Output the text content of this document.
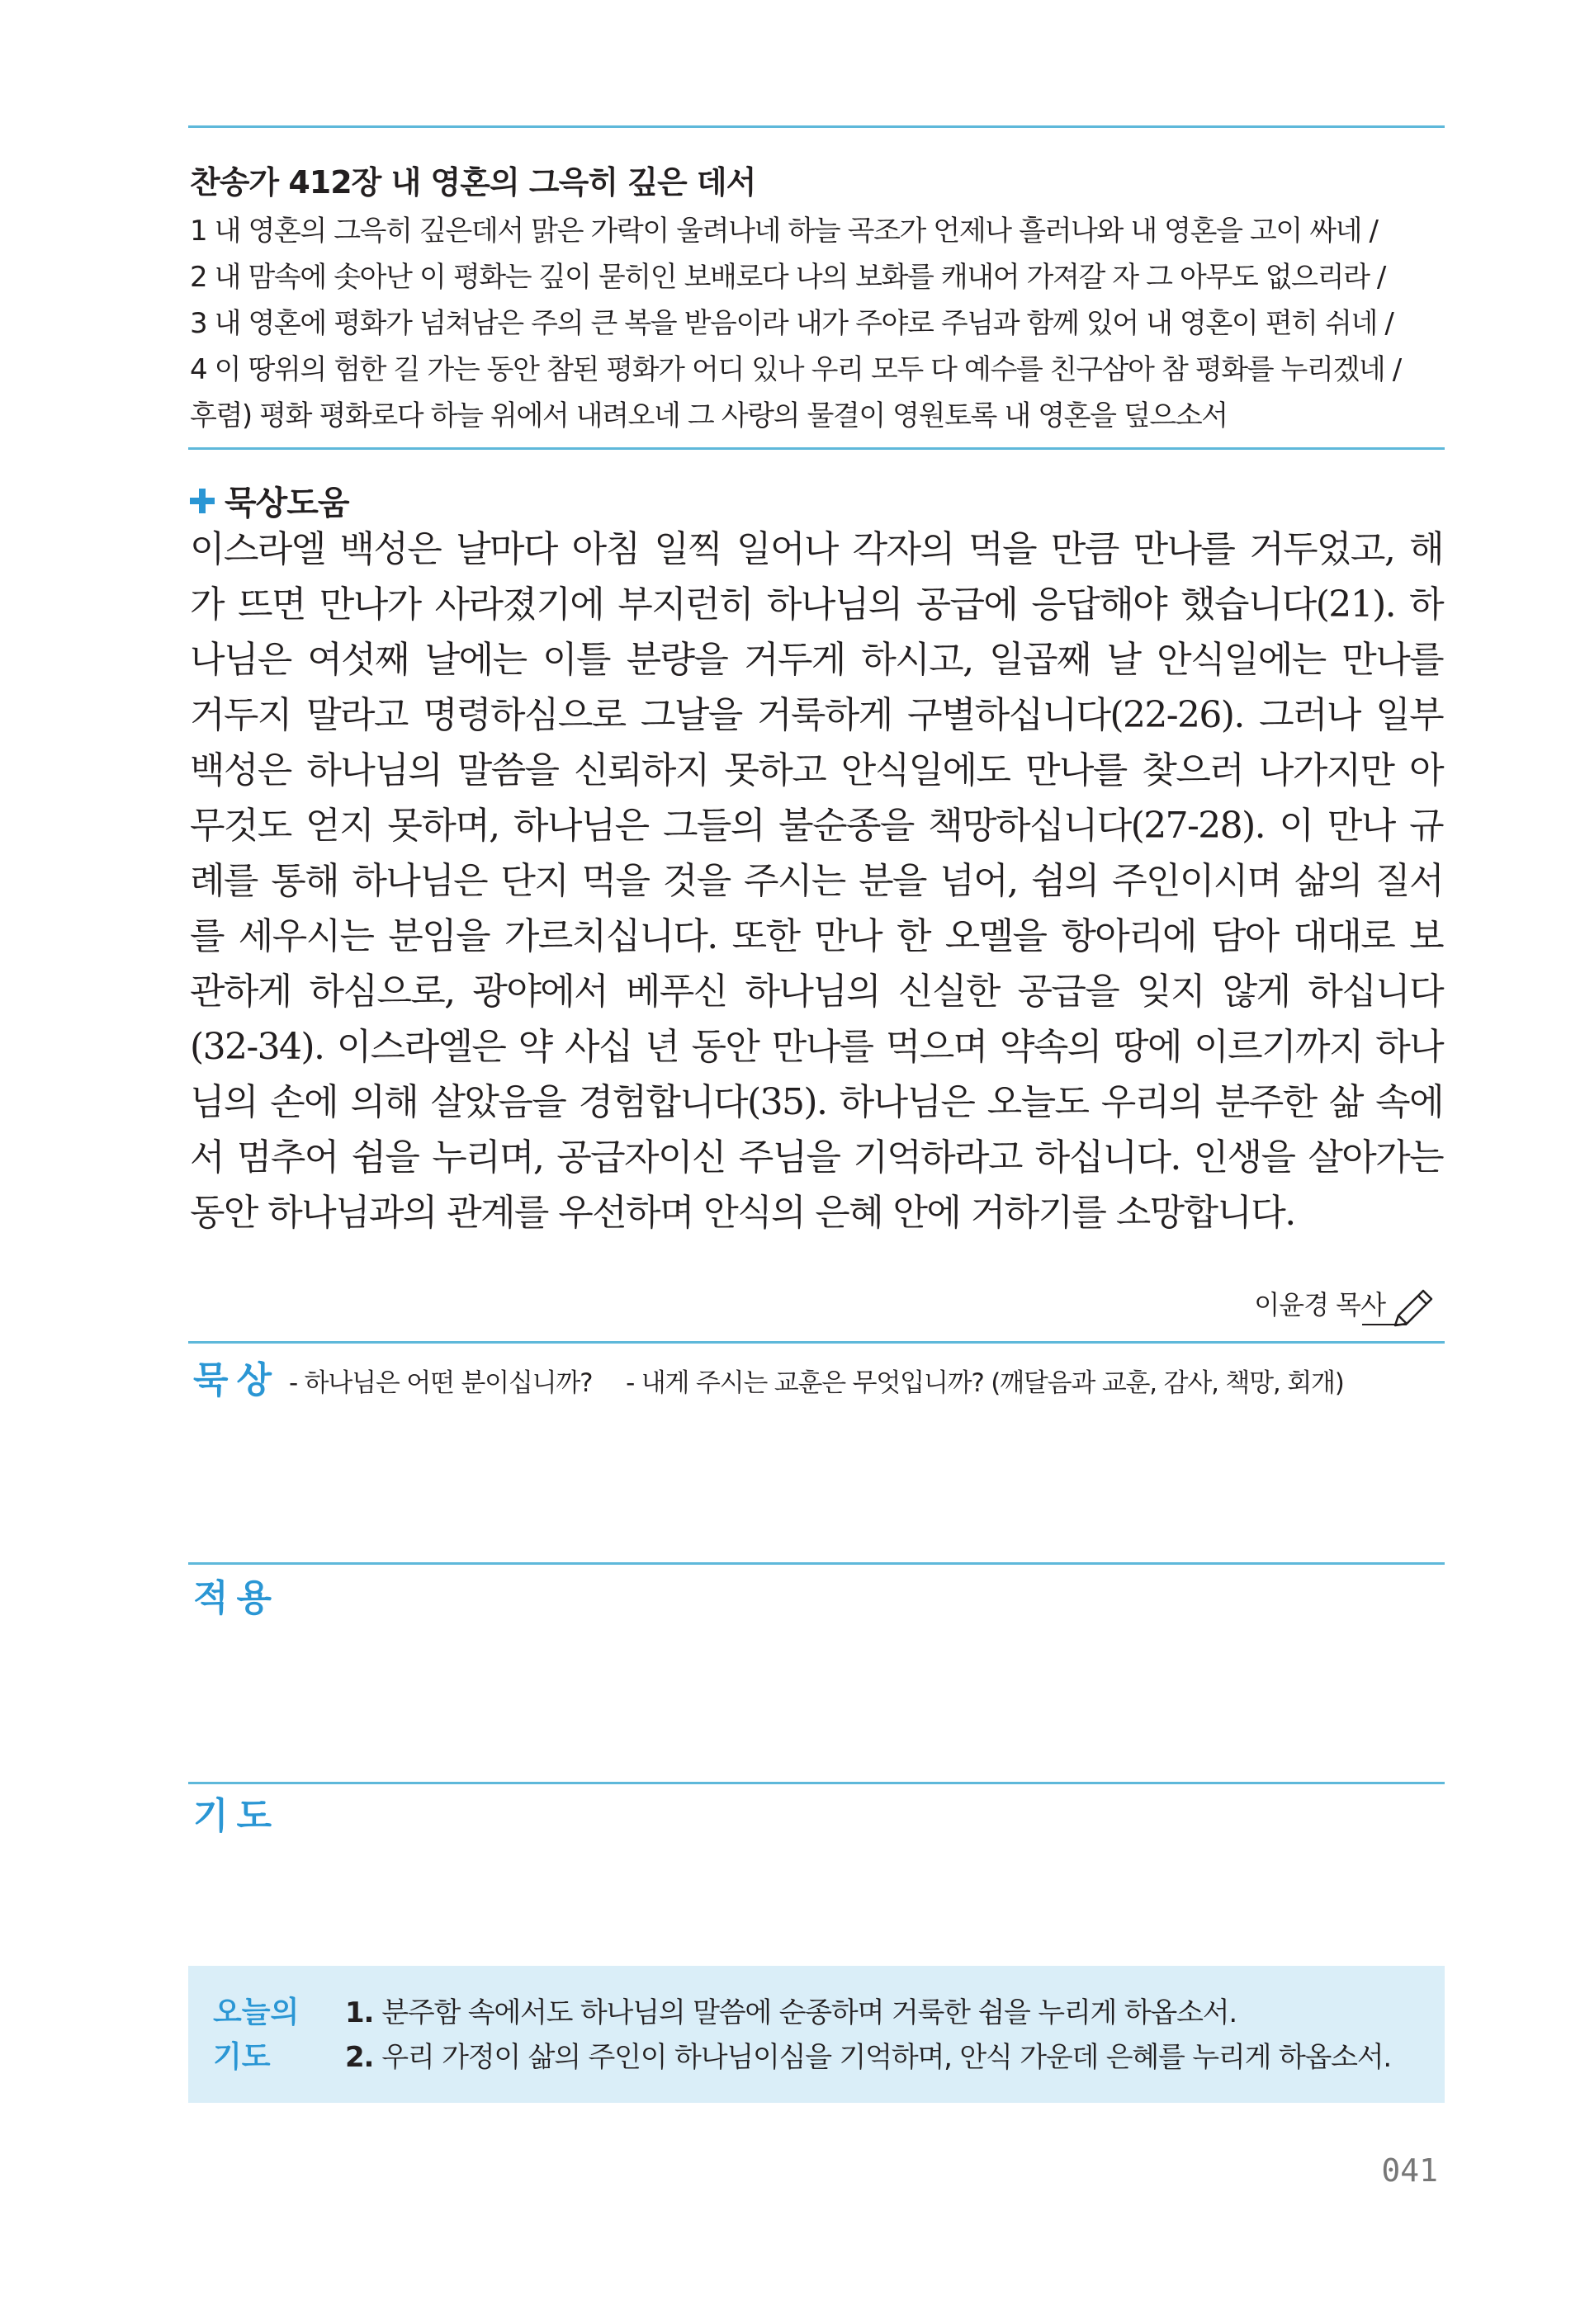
찬송가 412장 내 영혼의 그윽히 깊은 데서
1 내 영혼의 그윽히 깊은데서 맑은 가락이 울려나네 하늘 곡조가 언제나 흘러나와 내 영혼을 고이 싸네 /
2 내 맘속에 솟아난 이 평화는 깊이 묻히인 보배로다 나의 보화를 캐내어 가져갈 자 그 아무도 없으리라 /
3 내 영혼에 평화가 넘쳐남은 주의 큰 복을 받음이라 내가 주야로 주님과 함께 있어 내 영혼이 편히 쉬네 /
4 이 땅위의 험한 길 가는 동안 참된 평화가 어디 있나 우리 모두 다 예수를 친구삼아 참 평화를 누리겠네 /
후렴) 평화 평화로다 하늘 위에서 내려오네 그 사랑의 물결이 영원토록 내 영혼을 덮으소서
묵상도움
이스라엘 백성은 날마다 아침 일찍 일어나 각자의 먹을 만큼 만나를 거두었고, 해
가 뜨면 만나가 사라졌기에 부지런히 하나님의 공급에 응답해야 했습니다(21). 하
나님은 여섯째 날에는 이틀 분량을 거두게 하시고, 일곱째 날 안식일에는 만나를
거두지 말라고 명령하심으로 그날을 거룩하게 구별하십니다(22-26). 그러나 일부
백성은 하나님의 말씀을 신뢰하지 못하고 안식일에도 만나를 찾으러 나가지만 아
무것도 얻지 못하며, 하나님은 그들의 불순종을 책망하십니다(27-28). 이 만나 규
례를 통해 하나님은 단지 먹을 것을 주시는 분을 넘어, 쉼의 주인이시며 삶의 질서
를 세우시는 분임을 가르치십니다. 또한 만나 한 오멜을 항아리에 담아 대대로 보
관하게 하심으로, 광야에서 베푸신 하나님의 신실한 공급을 잊지 않게 하십니다
(32-34). 이스라엘은 약 사십 년 동안 만나를 먹으며 약속의 땅에 이르기까지 하나
님의 손에 의해 살았음을 경험합니다(35). 하나님은 오늘도 우리의 분주한 삶 속에
서 멈추어 쉼을 누리며, 공급자이신 주님을 기억하라고 하십니다. 인생을 살아가는
동안 하나님과의 관계를 우선하며 안식의 은혜 안에 거하기를 소망합니다.
이윤경 목사
묵상 - 하나님은 어떤 분이십니까? - 내게 주시는 교훈은 무엇입니까? (깨달음과 교훈, 감사, 책망, 회개)
적용
기도
오늘의
기도
1. 분주함 속에서도 하나님의 말씀에 순종하며 거룩한 쉼을 누리게 하옵소서.
2. 우리 가정이 삶의 주인이 하나님이심을 기억하며, 안식 가운데 은혜를 누리게 하옵소서.
041
